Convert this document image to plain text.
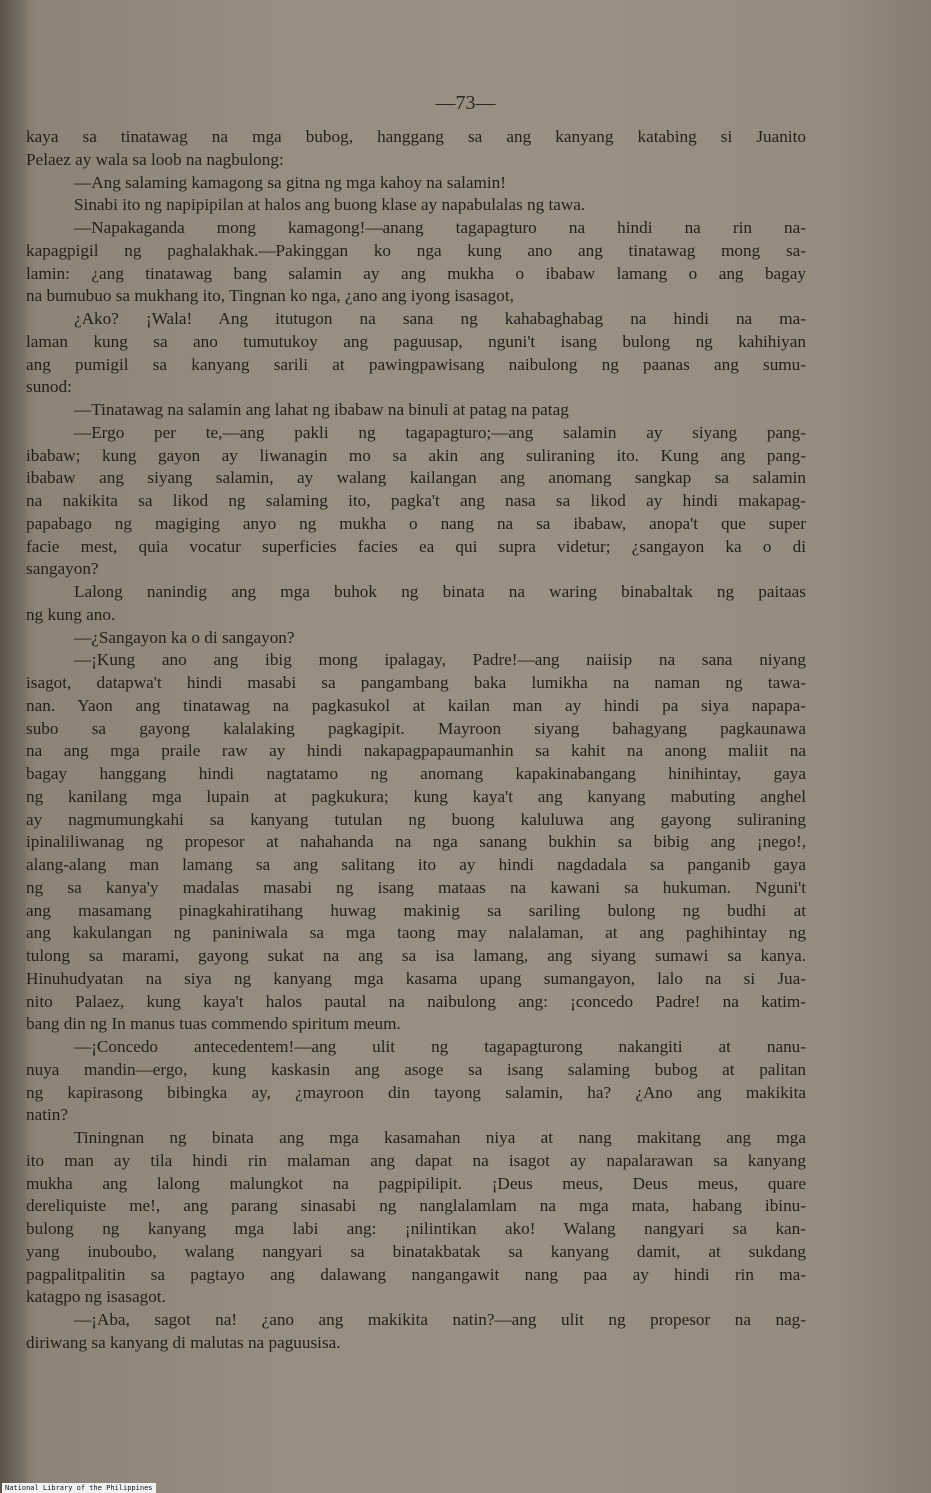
—73—
kaya sa tinatawag na mga bubog, hanggang sa ang kanyang katabing si Juanito
Pelaez ay wala sa loob na nagbulong:
—Ang salaming kamagong sa gitna ng mga kahoy na salamin!
Sinabi ito ng napipipilan at halos ang buong klase ay napabulalas ng tawa.
—Napakaganda mong kamagong!—anang tagapagturo na hindi na rin na-
kapagpigil ng paghalakhak.—Pakinggan ko nga kung ano ang tinatawag mong sa-
lamin: ¿ang tinatawag bang salamin ay ang mukha o ibabaw lamang o ang bagay
na bumubuo sa mukhang ito, Tingnan ko nga, ¿ano ang iyong isasagot,
¿Ako? ¡Wala! Ang itutugon na sana ng kahabaghabag na hindi na ma-
laman kung sa ano tumutukoy ang paguusap, nguni't isang bulong ng kahihiyan
ang pumigil sa kanyang sarili at pawingpawisang naibulong ng paanas ang sumu-
sunod:
—Tinatawag na salamin ang lahat ng ibabaw na binuli at patag na patag
—Ergo per te,—ang pakli ng tagapagturo;—ang salamin ay siyang pang-
ibabaw; kung gayon ay liwanagin mo sa akin ang suliraning ito. Kung ang pang-
ibabaw ang siyang salamin, ay walang kailangan ang anomang sangkap sa salamin
na nakikita sa likod ng salaming ito, pagka't ang nasa sa likod ay hindi makapag-
papabago ng magiging anyo ng mukha o nang na sa ibabaw, anopa't que super
facie mest, quia vocatur superficies facies ea qui supra videtur; ¿sangayon ka o di
sangayon?
Lalong nanindig ang mga buhok ng binata na waring binabaltak ng paitaas
ng kung ano.
—¿Sangayon ka o di sangayon?
—¡Kung ano ang ibig mong ipalagay, Padre!—ang naiisip na sana niyang
isagot, datapwa't hindi masabi sa pangambang baka lumikha na naman ng tawa-
nan. Yaon ang tinatawag na pagkasukol at kailan man ay hindi pa siya napapa-
subo sa gayong kalalaking pagkagipit. Mayroon siyang bahagyang pagkaunawa
na ang mga praile raw ay hindi nakapagpapaumanhin sa kahit na anong maliit na
bagay hanggang hindi nagtatamo ng anomang kapakinabangang hinihintay, gaya
ng kanilang mga lupain at pagkukura; kung kaya't ang kanyang mabuting anghel
ay nagmumungkahi sa kanyang tutulan ng buong kaluluwa ang gayong suliraning
ipinaliliwanag ng propesor at nahahanda na nga sanang bukhin sa bibig ang ¡nego!,
alang-alang man lamang sa ang salitang ito ay hindi nagdadala sa panganib gaya
ng sa kanya'y madalas masabi ng isang mataas na kawani sa hukuman. Nguni't
ang masamang pinagkahiratihang huwag makinig sa sariling bulong ng budhi at
ang kakulangan ng paniniwala sa mga taong may nalalaman, at ang paghihintay ng
tulong sa marami, gayong sukat na ang sa isa lamang, ang siyang sumawi sa kanya.
Hinuhudyatan na siya ng kanyang mga kasama upang sumangayon, lalo na si Jua-
nito Palaez, kung kaya't halos pautal na naibulong ang: ¡concedo Padre! na katim-
bang din ng In manus tuas commendo spiritum meum.
—¡Concedo antecedentem!—ang ulit ng tagapagturong nakangiti at nanu-
nuya mandin—ergo, kung kaskasin ang asoge sa isang salaming bubog at palitan
ng kapirasong bibingka ay, ¿mayroon din tayong salamin, ha? ¿Ano ang makikita
natin?
Tiningnan ng binata ang mga kasamahan niya at nang makitang ang mga
ito man ay tila hindi rin malaman ang dapat na isagot ay napalarawan sa kanyang
mukha ang lalong malungkot na pagpipilipit. ¡Deus meus, Deus meus, quare
dereliquiste me!, ang parang sinasabi ng nanglalamlam na mga mata, habang ibinu-
bulong ng kanyang mga labi ang: ¡nilintikan ako! Walang nangyari sa kan-
yang inuboubo, walang nangyari sa binatakbatak sa kanyang damit, at sukdang
pagpalitpalitin sa pagtayo ang dalawang nangangawit nang paa ay hindi rin ma-
katagpo ng isasagot.
—¡Aba, sagot na! ¿ano ang makikita natin?—ang ulit ng propesor na nag-
diriwang sa kanyang di malutas na paguusisa.
National Library of the Philippines
